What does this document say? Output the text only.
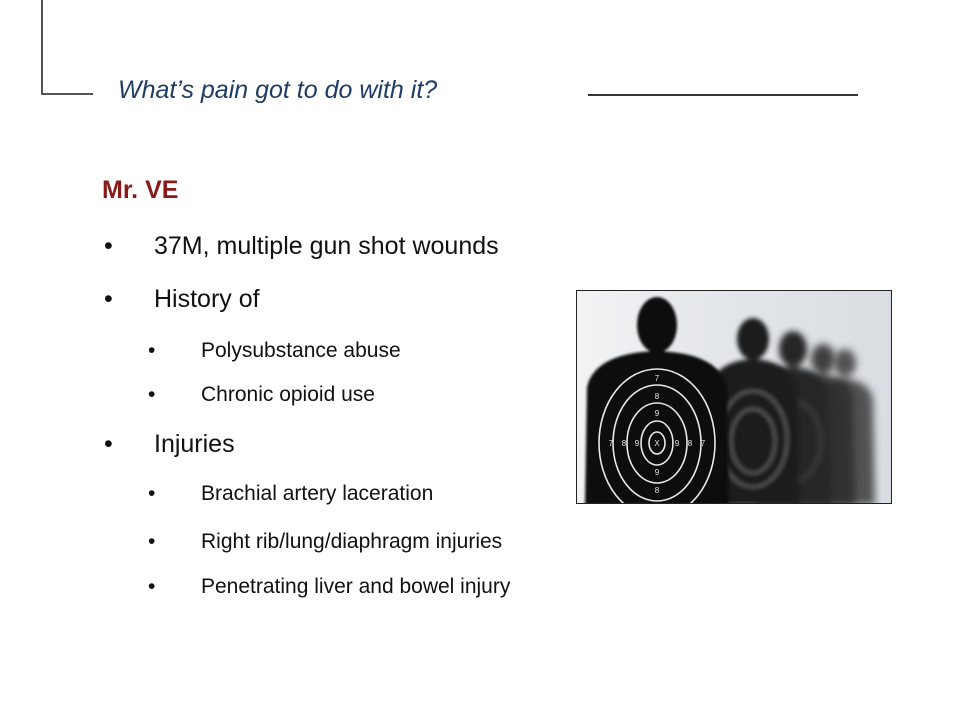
What’s pain got to do with it?
Mr. VE
• 37M, multiple gun shot wounds
• History of
• Polysubstance abuse
• Chronic opioid use
• Injuries
• Brachial artery laceration
• Right rib/lung/diaphragm injuries
• Penetrating liver and bowel injury
7 8 9 X 9 8 7
7
8
9
9
8
